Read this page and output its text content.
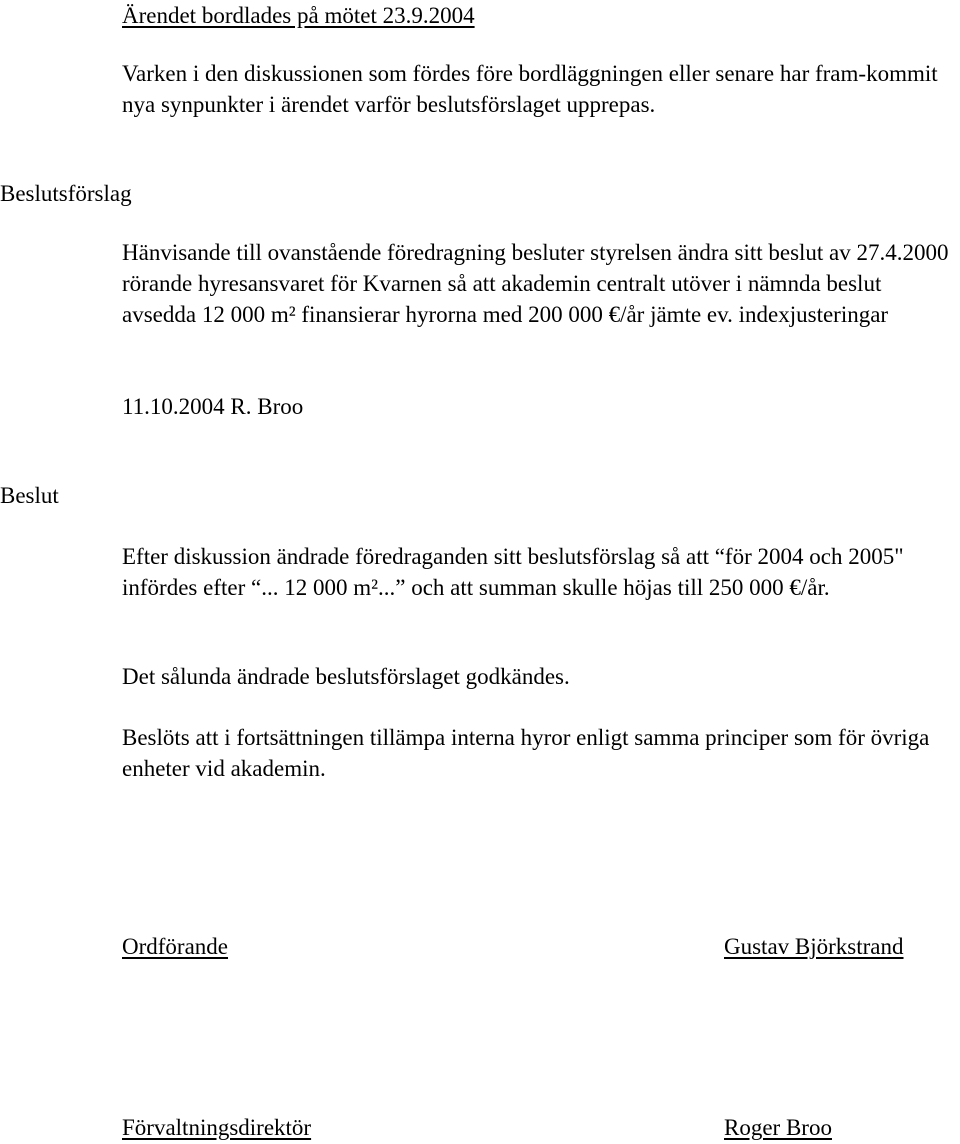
Ärendet bordlades på mötet 23.9.2004

Varken i den diskussionen som fördes före bordläggningen eller senare har fram-kommit nya synpunkter i ärendet varför beslutsförslaget upprepas.

Beslutsförslag

Hänvisande till ovanstående föredragning besluter styrelsen ändra sitt beslut av 27.4.2000 rörande hyresansvaret för Kvarnen så att akademin centralt utöver i nämnda beslut avsedda 12 000 m² finansierar hyrorna med 200 000 €/år jämte ev. indexjusteringar

11.10.2004 R. Broo

Beslut

Efter diskussion ändrade föredraganden sitt beslutsförslag så att “för 2004 och 2005" infördes efter “... 12 000 m²...” och att summan skulle höjas till 250 000 €/år.

Det sålunda ändrade beslutsförslaget godkändes.

Beslöts att i fortsättningen tillämpa interna hyror enligt samma principer som för övriga enheter vid akademin.

Ordförande	Gustav Björkstrand
Förvaltningsdirektör	Roger Broo
